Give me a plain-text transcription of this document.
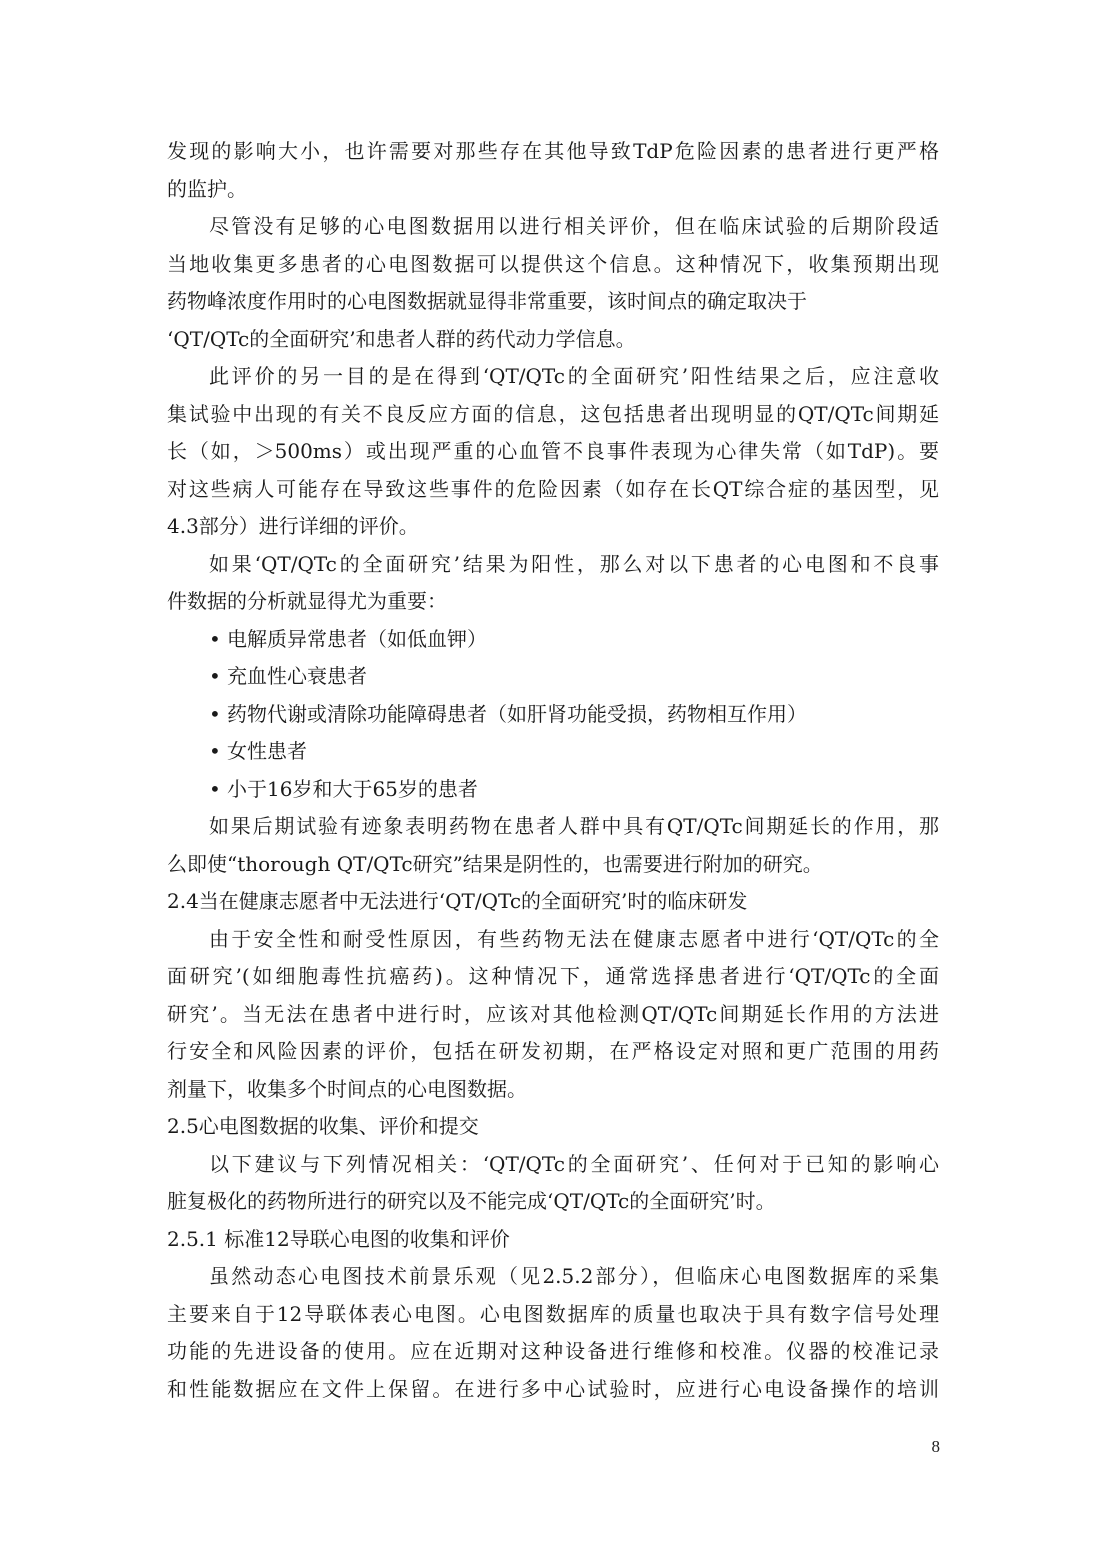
发现的影响大小，也许需要对那些存在其他导致TdP危险因素的患者进行更严格
的监护。
尽管没有足够的心电图数据用以进行相关评价，但在临床试验的后期阶段适
当地收集更多患者的心电图数据可以提供这个信息。这种情况下，收集预期出现
药物峰浓度作用时的心电图数据就显得非常重要，该时间点的确定取决于
‘QT/QTc的全面研究’和患者人群的药代动力学信息。
此评价的另一目的是在得到‘QT/QTc的全面研究’阳性结果之后，应注意收
集试验中出现的有关不良反应方面的信息，这包括患者出现明显的QT/QTc间期延
长（如，＞500ms）或出现严重的心血管不良事件表现为心律失常（如TdP)。要
对这些病人可能存在导致这些事件的危险因素（如存在长QT综合症的基因型，见
4.3部分）进行详细的评价。
如果‘QT/QTc的全面研究’结果为阳性，那么对以下患者的心电图和不良事
件数据的分析就显得尤为重要：
• 电解质异常患者（如低血钾）
• 充血性心衰患者
• 药物代谢或清除功能障碍患者（如肝肾功能受损，药物相互作用）
• 女性患者
• 小于16岁和大于65岁的患者
如果后期试验有迹象表明药物在患者人群中具有QT/QTc间期延长的作用，那
么即使“thorough QT/QTc研究”结果是阴性的，也需要进行附加的研究。
2.4当在健康志愿者中无法进行‘QT/QTc的全面研究’时的临床研发
由于安全性和耐受性原因，有些药物无法在健康志愿者中进行‘QT/QTc的全
面研究’(如细胞毒性抗癌药)。这种情况下，通常选择患者进行‘QT/QTc的全面
研究’。当无法在患者中进行时，应该对其他检测QT/QTc间期延长作用的方法进
行安全和风险因素的评价，包括在研发初期，在严格设定对照和更广范围的用药
剂量下，收集多个时间点的心电图数据。
2.5心电图数据的收集、评价和提交
以下建议与下列情况相关：‘QT/QTc的全面研究’、任何对于已知的影响心
脏复极化的药物所进行的研究以及不能完成‘QT/QTc的全面研究’时。
2.5.1 标准12导联心电图的收集和评价
虽然动态心电图技术前景乐观（见2.5.2部分），但临床心电图数据库的采集
主要来自于12导联体表心电图。心电图数据库的质量也取决于具有数字信号处理
功能的先进设备的使用。应在近期对这种设备进行维修和校准。仪器的校准记录
和性能数据应在文件上保留。在进行多中心试验时，应进行心电设备操作的培训
8
